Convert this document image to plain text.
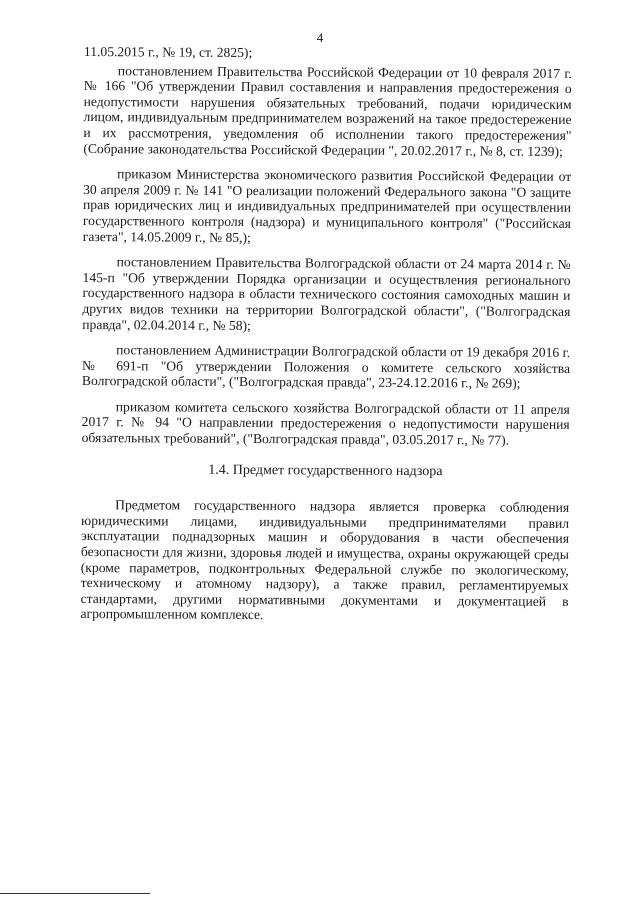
4

11.05.2015 г., № 19, ст. 2825);

постановлением Правительства Российской Федерации от 10 февраля 2017 г. № 166 "Об утверждении Правил составления и направления предостережения о недопустимости нарушения обязательных требований, подачи юридическим лицом, индивидуальным предпринимателем возражений на такое предостережение и их рассмотрения, уведомления об исполнении такого предостережения" (Собрание законодательства Российской Федерации ", 20.02.2017 г., № 8, ст. 1239);

приказом Министерства экономического развития Российской Федерации от 30 апреля 2009 г. № 141 "О реализации положений Федерального закона "О защите прав юридических лиц и индивидуальных предпринимателей при осуществлении государственного контроля (надзора) и муниципального контроля" ("Российская газета", 14.05.2009 г., № 85,);

постановлением Правительства Волгоградской области от 24 марта 2014 г. № 145-п "Об утверждении Порядка организации и осуществления регионального государственного надзора в области технического состояния самоходных машин и других видов техники на территории Волгоградской области", ("Волгоградская правда", 02.04.2014 г., № 58);

постановлением Администрации Волгоградской области от 19 декабря 2016 г. № 691-п "Об утверждении Положения о комитете сельского хозяйства Волгоградской области", ("Волгоградская правда", 23-24.12.2016 г., № 269);

приказом комитета сельского хозяйства Волгоградской области от 11 апреля 2017 г. № 94 "О направлении предостережения о недопустимости нарушения обязательных требований", ("Волгоградская правда", 03.05.2017 г., № 77).

1.4. Предмет государственного надзора

Предметом государственного надзора является проверка соблюдения юридическими лицами, индивидуальными предпринимателями правил эксплуатации поднадзорных машин и оборудования в части обеспечения безопасности для жизни, здоровья людей и имущества, охраны окружающей среды (кроме параметров, подконтрольных Федеральной службе по экологическому, техническому и атомному надзору), а также правил, регламентируемых стандартами, другими нормативными документами и документацией в агропромышленном комплексе.
